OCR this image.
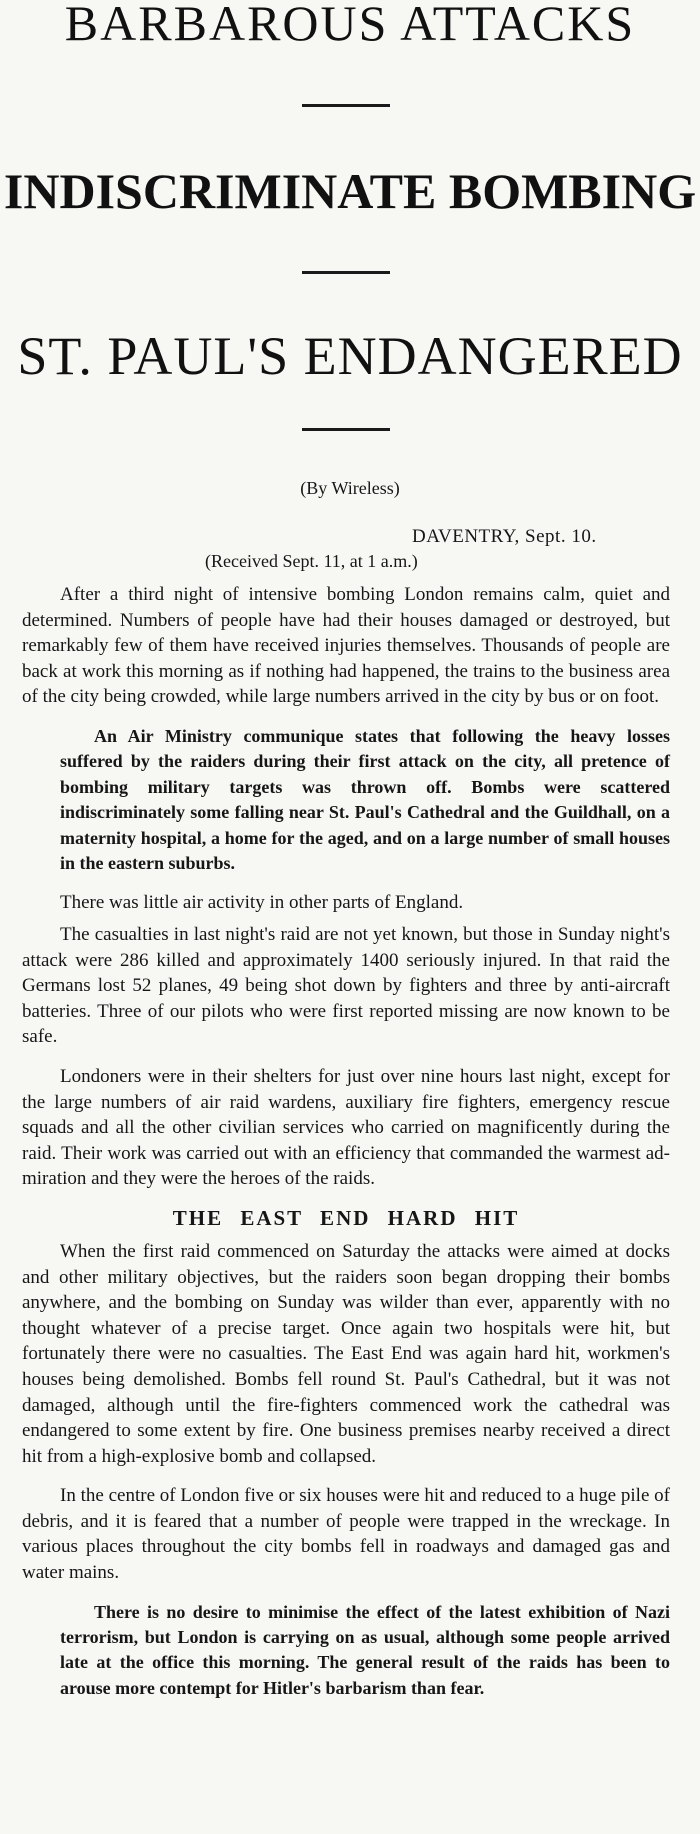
BARBAROUS ATTACKS
INDISCRIMINATE BOMBING
ST. PAUL'S ENDANGERED
(By Wireless)
DAVENTRY, Sept. 10.
(Received Sept. 11, at 1 a.m.)

After a third night of intensive bombing London remains calm, quiet and determined. Numbers of people have had their houses damaged or destroyed, but remarkably few of them have received injuries themselves. Thousands of people are back at work this morning as if nothing had happened, the trains to the business area of the city being crowded, while large numbers arrived in the city by bus or on foot.

An Air Ministry communique states that following the heavy losses suffered by the raiders during their first attack on the city, all pretence of bombing military targets was thrown off. Bombs were scattered indiscriminately some falling near St. Paul's Cathedral and the Guildhall, on a maternity hospital, a home for the aged, and on a large number of small houses in the eastern suburbs.

There was little air activity in other parts of England.

The casualties in last night's raid are not yet known, but those in Sunday night's attack were 286 killed and approximately 1400 seriously injured. In that raid the Germans lost 52 planes, 49 being shot down by fighters and three by anti-aircraft batteries. Three of our pilots who were first reported missing are now known to be safe.

Londoners were in their shelters for just over nine hours last night, except for the large numbers of air raid wardens, auxiliary fire fighters, emergency rescue squads and all the other civilian services who carried on magnificently during the raid. Their work was carried out with an efficiency that commanded the warmest admiration and they were the heroes of the raids.

THE EAST END HARD HIT

When the first raid commenced on Saturday the attacks were aimed at docks and other military objectives, but the raiders soon began dropping their bombs anywhere, and the bombing on Sunday was wilder than ever, apparently with no thought whatever of a precise target. Once again two hospitals were hit, but fortunately there were no casualties. The East End was again hard hit, workmen's houses being demolished. Bombs fell round St. Paul's Cathedral, but it was not damaged, although until the fire-fighters commenced work the cathedral was endangered to some extent by fire. One business premises nearby received a direct hit from a high-explosive bomb and collapsed.

In the centre of London five or six houses were hit and reduced to a huge pile of debris, and it is feared that a number of people were trapped in the wreckage. In various places throughout the city bombs fell in roadways and damaged gas and water mains.

There is no desire to minimise the effect of the latest exhibition of Nazi terrorism, but London is carrying on as usual, although some people arrived late at the office this morning. The general result of the raids has been to arouse more contempt for Hitler's barbarism than fear.
